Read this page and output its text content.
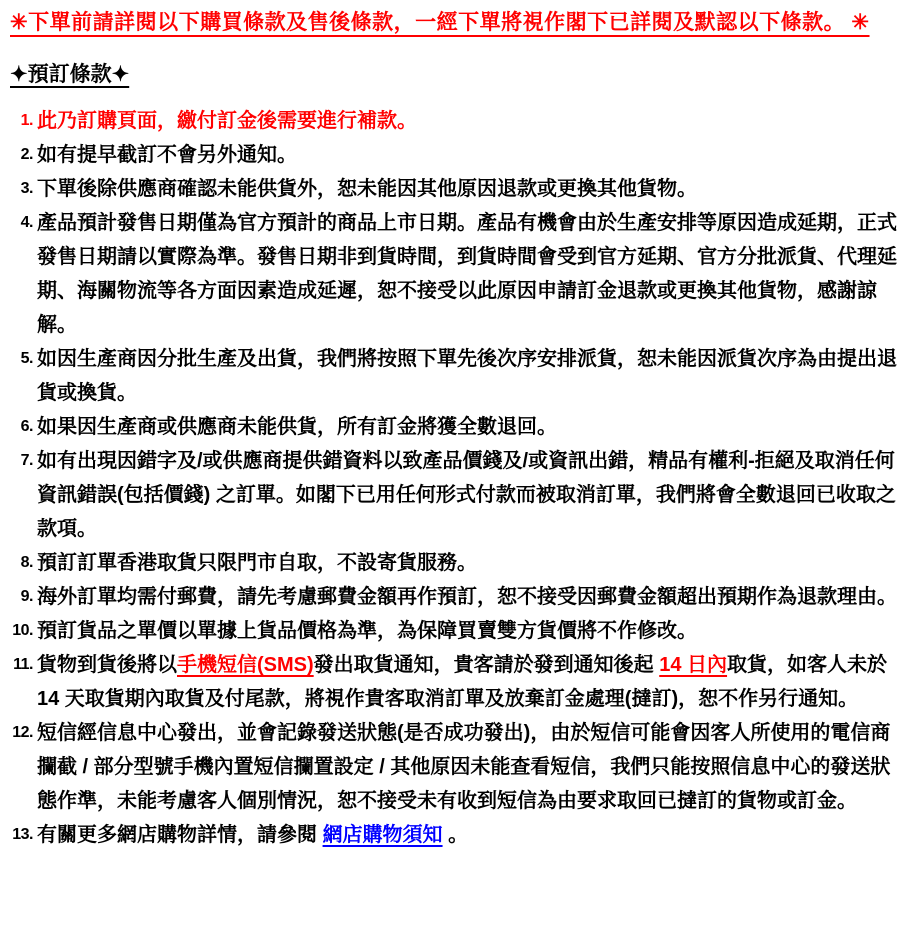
✳下單前請詳閱以下購買條款及售後條款，一經下單將視作閣下已詳閱及默認以下條款。 ✳
✦預訂條款✦
1. 此乃訂購頁面，繳付訂金後需要進行補款。
2. 如有提早截訂不會另外通知。
3. 下單後除供應商確認未能供貨外，恕未能因其他原因退款或更換其他貨物。
4. 產品預計發售日期僅為官方預計的商品上市日期。產品有機會由於生產安排等原因造成延期，正式發售日期請以實際為準。發售日期非到貨時間，到貨時間會受到官方延期、官方分批派貨、代理延期、海關物流等各方面因素造成延遲，恕不接受以此原因申請訂金退款或更換其他貨物，感謝諒解。
5. 如因生產商因分批生產及出貨，我們將按照下單先後次序安排派貨，恕未能因派貨次序為由提出退貨或換貨。
6. 如果因生產商或供應商未能供貨，所有訂金將獲全數退回。
7. 如有出現因錯字及/或供應商提供錯資料以致產品價錢及/或資訊出錯，精品有權利-拒絕及取消任何資訊錯誤(包括價錢) 之訂單。如閣下已用任何形式付款而被取消訂單，我們將會全數退回已收取之款項。
8. 預訂訂單香港取貨只限門市自取，不設寄貨服務。
9. 海外訂單均需付郵費，請先考慮郵費金額再作預訂，恕不接受因郵費金額超出預期作為退款理由。
10. 預訂貨品之單價以單據上貨品價格為準，為保障買賣雙方貨價將不作修改。
11. 貨物到貨後將以手機短信(SMS)發出取貨通知，貴客請於發到通知後起 14 日內取貨，如客人未於 14 天取貨期內取貨及付尾款，將視作貴客取消訂單及放棄訂金處理(撻訂)，恕不作另行通知。
12. 短信經信息中心發出，並會記錄發送狀態(是否成功發出)，由於短信可能會因客人所使用的電信商攔截 / 部分型號手機內置短信攔置設定 / 其他原因未能查看短信，我們只能按照信息中心的發送狀態作準，未能考慮客人個別情況，恕不接受未有收到短信為由要求取回已撻訂的貨物或訂金。
13. 有關更多網店購物詳情，請參閱 網店購物須知 。
